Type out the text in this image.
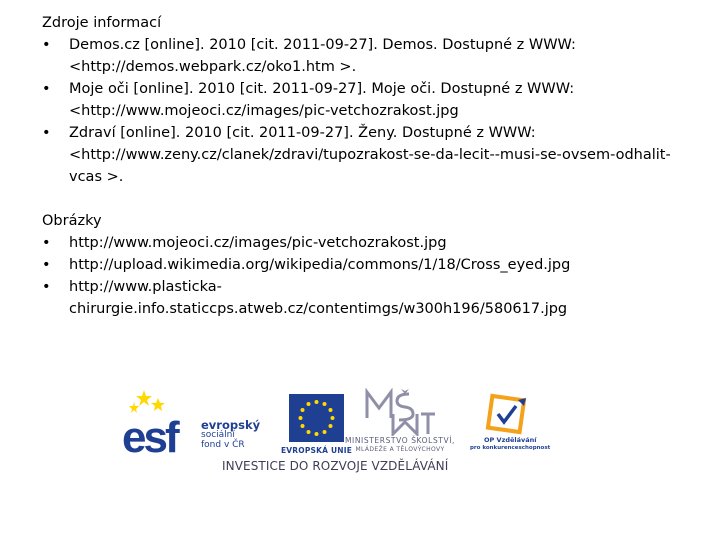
Zdroje informací

• Demos.cz [online]. 2010 [cit. 2011-09-27]. Demos. Dostupné z WWW: <http://demos.webpark.cz/oko1.htm >.
• Moje oči [online]. 2010 [cit. 2011-09-27]. Moje oči. Dostupné z WWW: <http://www.mojeoci.cz/images/pic-vetchozrakost.jpg
• Zdraví [online]. 2010 [cit. 2011-09-27]. Ženy. Dostupné z WWW: <http://www.zeny.cz/clanek/zdravi/tupozrakost-se-da-lecit--musi-se-ovsem-odhalit-vcas >.

Obrázky

• http://www.mojeoci.cz/images/pic-vetchozrakost.jpg
• http://upload.wikimedia.org/wikipedia/commons/1/18/Cross_eyed.jpg
• http://www.plasticka-chirurgie.info.staticcps.atweb.cz/contentimgs/w300h196/580617.jpg
esf evropský
sociální
fond v ČR
EVROPSKÁ UNIE
MINISTERSTVO ŠKOLSTVÍ,
MLÁDEŽE A TĚLOVÝCHOVY
OP Vzdělávání
pro konkurenceschopnost
INVESTICE DO ROZVOJE VZDĚLÁVÁNÍ
